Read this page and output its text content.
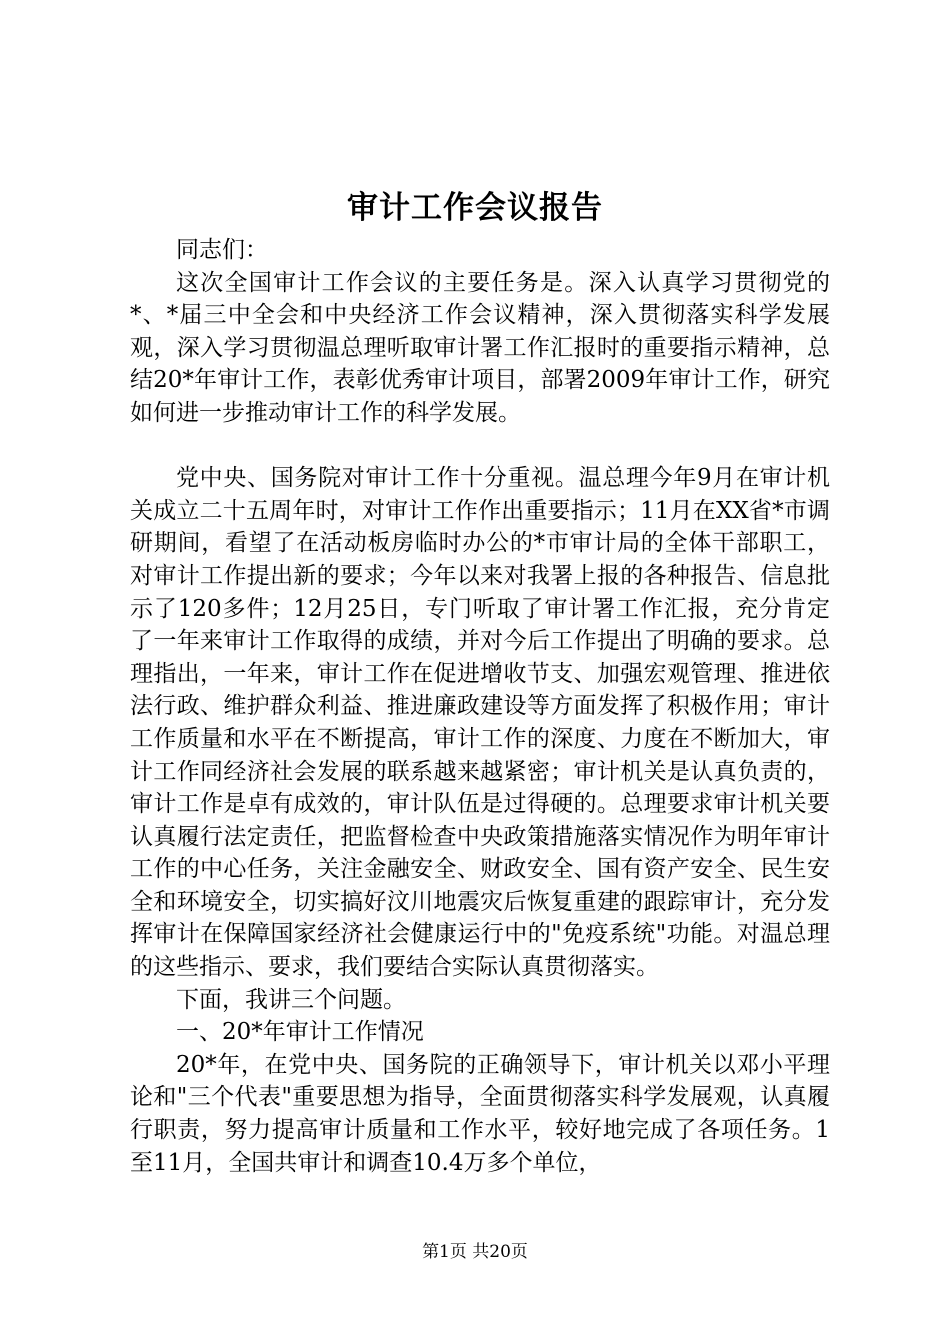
审计工作会议报告

同志们：

这次全国审计工作会议的主要任务是。深入认真学习贯彻党的*、*届三中全会和中央经济工作会议精神，深入贯彻落实科学发展观，深入学习贯彻温总理听取审计署工作汇报时的重要指示精神，总结20*年审计工作，表彰优秀审计项目，部署2009年审计工作，研究如何进一步推动审计工作的科学发展。

党中央、国务院对审计工作十分重视。温总理今年9月在审计机关成立二十五周年时，对审计工作作出重要指示；11月在XX省*市调研期间，看望了在活动板房临时办公的*市审计局的全体干部职工，对审计工作提出新的要求；今年以来对我署上报的各种报告、信息批示了120多件；12月25日，专门听取了审计署工作汇报，充分肯定了一年来审计工作取得的成绩，并对今后工作提出了明确的要求。总理指出，一年来，审计工作在促进增收节支、加强宏观管理、推进依法行政、维护群众利益、推进廉政建设等方面发挥了积极作用；审计工作质量和水平在不断提高，审计工作的深度、力度在不断加大，审计工作同经济社会发展的联系越来越紧密；审计机关是认真负责的，审计工作是卓有成效的，审计队伍是过得硬的。总理要求审计机关要认真履行法定责任，把监督检查中央政策措施落实情况作为明年审计工作的中心任务，关注金融安全、财政安全、国有资产安全、民生安全和环境安全，切实搞好汶川地震灾后恢复重建的跟踪审计，充分发挥审计在保障国家经济社会健康运行中的"免疫系统"功能。对温总理的这些指示、要求，我们要结合实际认真贯彻落实。

下面，我讲三个问题。

一、20*年审计工作情况

20*年，在党中央、国务院的正确领导下，审计机关以邓小平理论和"三个代表"重要思想为指导，全面贯彻落实科学发展观，认真履行职责，努力提高审计质量和工作水平，较好地完成了各项任务。1至11月，全国共审计和调查10.4万多个单位，

第1页 共20页
